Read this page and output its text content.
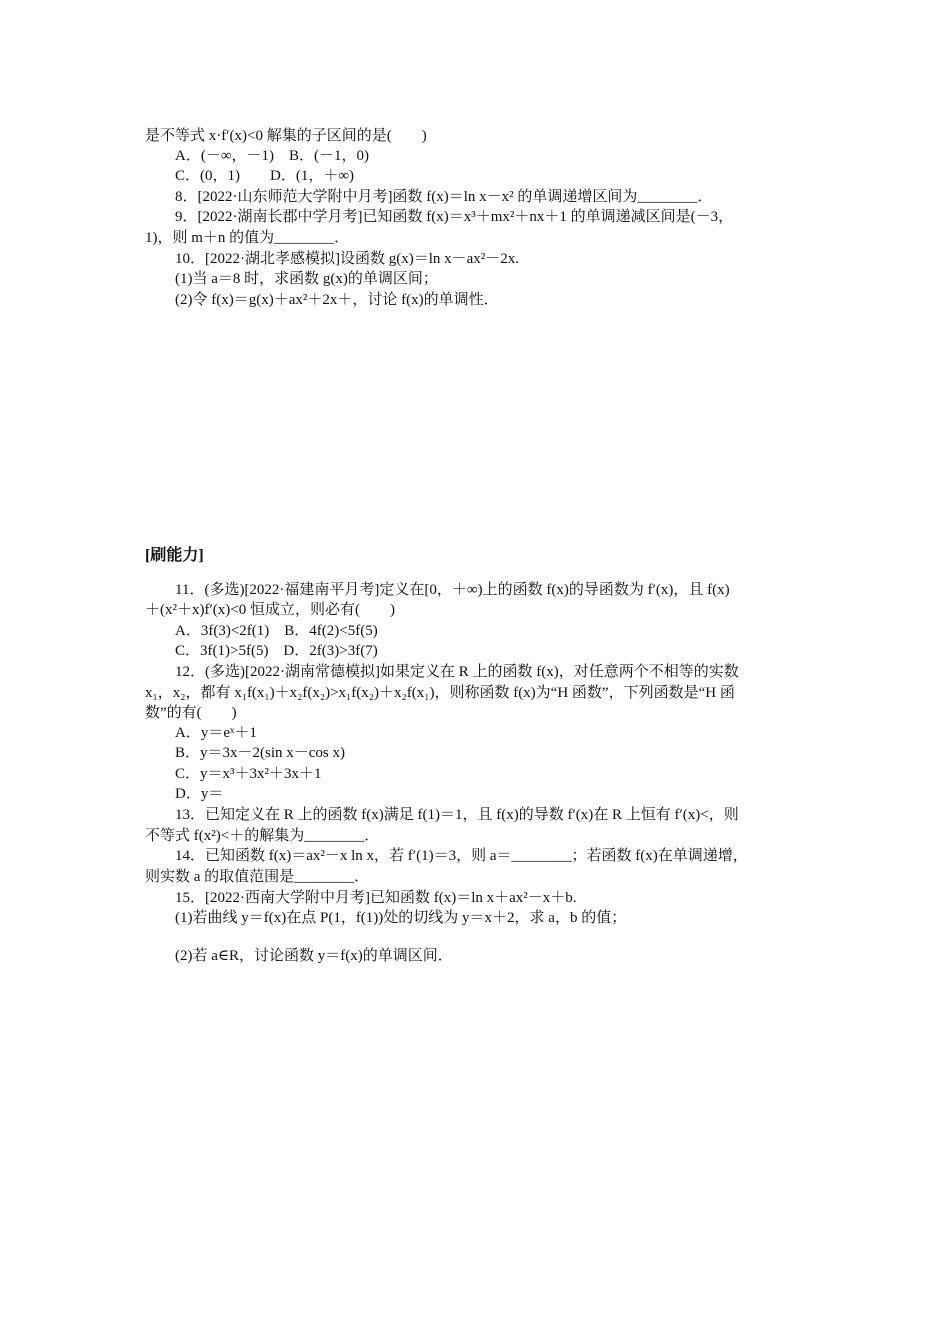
是不等式 x·f′(x)<0 解集的子区间的是(　　)
A．(－∞，－1)　B．(－1，0)
C．(0，1)　　D．(1，＋∞)
8．[2022·山东师范大学附中月考]函数 f(x)＝ln x－x² 的单调递增区间为________．
9．[2022·湖南长郡中学月考]已知函数 f(x)＝x³＋mx²＋nx＋1 的单调递减区间是(－3，
1)，则 m＋n 的值为________．
10．[2022·湖北孝感模拟]设函数 g(x)＝ln x－ax²－2x.
(1)当 a＝8 时，求函数 g(x)的单调区间；
(2)令 f(x)＝g(x)＋ax²＋2x＋，讨论 f(x)的单调性．
[刷能力]
11．(多选)[2022·福建南平月考]定义在[0，＋∞)上的函数 f(x)的导函数为 f′(x)，且 f(x)
＋(x²＋x)f′(x)<0 恒成立，则必有(　　)
A．3f(3)<2f(1)　B．4f(2)<5f(5)
C．3f(1)>5f(5)　D．2f(3)>3f(7)
12．(多选)[2022·湖南常德模拟]如果定义在 R 上的函数 f(x)，对任意两个不相等的实数
x₁，x₂，都有 x₁f(x₁)＋x₂f(x₂)>x₁f(x₂)＋x₂f(x₁)，则称函数 f(x)为“H 函数”，下列函数是“H 函
数”的有(　　)
A．y＝eˣ＋1
B．y＝3x－2(sin x－cos x)
C．y＝x³＋3x²＋3x＋1
D．y＝
13．已知定义在 R 上的函数 f(x)满足 f(1)＝1，且 f(x)的导数 f′(x)在 R 上恒有 f′(x)<，则
不等式 f(x²)<＋的解集为________．
14．已知函数 f(x)＝ax²－x ln x，若 f′(1)＝3，则 a＝________；若函数 f(x)在单调递增，
则实数 a 的取值范围是________．
15．[2022·西南大学附中月考]已知函数 f(x)＝ln x＋ax²－x＋b.
(1)若曲线 y＝f(x)在点 P(1，f(1))处的切线为 y＝x＋2，求 a，b 的值；
(2)若 a∈R，讨论函数 y＝f(x)的单调区间．
